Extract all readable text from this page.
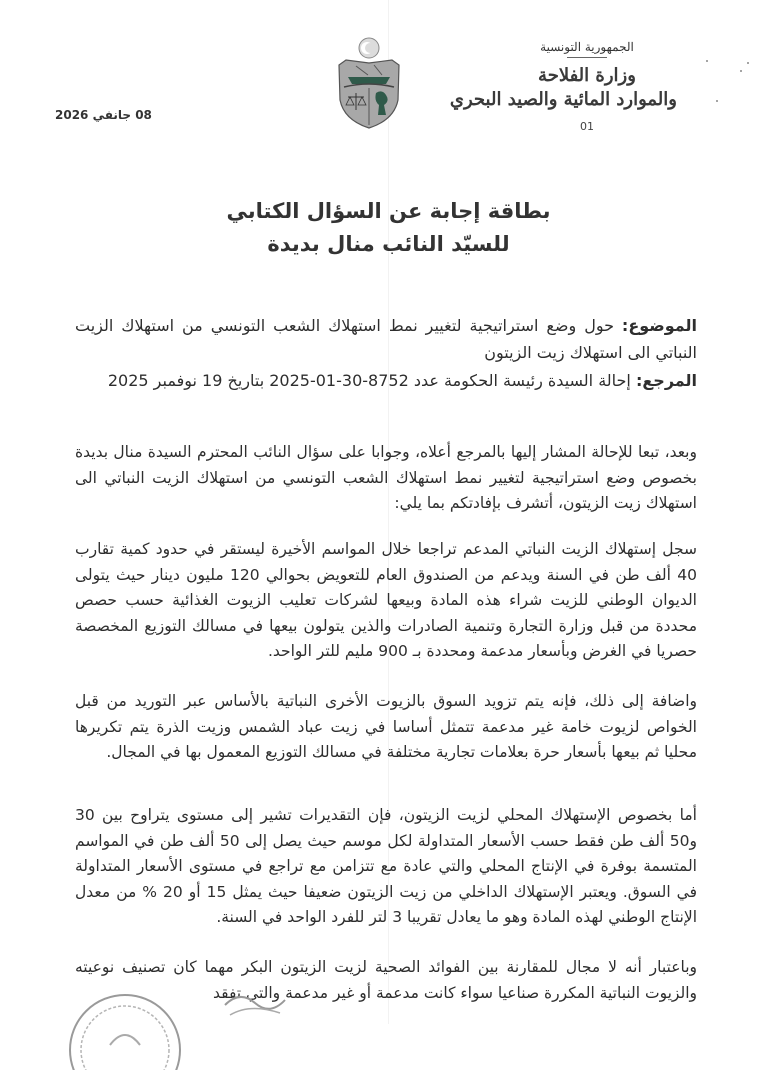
الجمهورية التونسية
وزارة الفلاحة
والموارد المائية والصيد البحري
01
08 جانفي 2026
بطاقة إجابة عن السؤال الكتابي
للسيّد النائب منال بديدة
الموضوع: حول وضع استراتيجية لتغيير نمط استهلاك الشعب التونسي من استهلاك الزيت النباتي الى استهلاك زيت الزيتون
المرجع: إحالة السيدة رئيسة الحكومة عدد 8752-30-01-2025 بتاريخ 19 نوفمبر 2025
وبعد، تبعا للإحالة المشار إليها بالمرجع أعلاه، وجوابا على سؤال النائب المحترم السيدة منال بديدة بخصوص وضع استراتيجية لتغيير نمط استهلاك الشعب التونسي من استهلاك الزيت النباتي الى استهلاك زيت الزيتون، أتشرف بإفادتكم بما يلي:
سجل إستهلاك الزيت النباتي المدعم تراجعا خلال المواسم الأخيرة ليستقر في حدود كمية تقارب 40 ألف طن في السنة ويدعم من الصندوق العام للتعويض بحوالي 120 مليون دينار حيث يتولى الديوان الوطني للزيت شراء هذه المادة وبيعها لشركات تعليب الزيوت الغذائية حسب حصص محددة من قبل وزارة التجارة وتنمية الصادرات والذين يتولون بيعها في مسالك التوزيع المخصصة حصريا في الغرض وبأسعار مدعمة ومحددة بـ 900 مليم للتر الواحد.
واضافة إلى ذلك، فإنه يتم تزويد السوق بالزيوت الأخرى النباتية بالأساس عبر التوريد من قبل الخواص لزيوت خامة غير مدعمة تتمثل أساسا في زيت عباد الشمس وزيت الذرة يتم تكريرها محليا ثم بيعها بأسعار حرة بعلامات تجارية مختلفة في مسالك التوزيع المعمول بها في المجال.
أما بخصوص الإستهلاك المحلي لزيت الزيتون، فإن التقديرات تشير إلى مستوى يتراوح بين 30 و50 ألف طن فقط حسب الأسعار المتداولة لكل موسم حيث يصل إلى 50 ألف طن في المواسم المتسمة بوفرة في الإنتاج المحلي والتي عادة مع تتزامن مع تراجع في مستوى الأسعار المتداولة في السوق. ويعتبر الإستهلاك الداخلي من زيت الزيتون ضعيفا حيث يمثل 15 أو 20 % من معدل الإنتاج الوطني لهذه المادة وهو ما يعادل تقريبا 3 لتر للفرد الواحد في السنة.
وباعتبار أنه لا مجال للمقارنة بين الفوائد الصحية لزيت الزيتون البكر مهما كان تصنيف نوعيته والزيوت النباتية المكررة صناعيا سواء كانت مدعمة أو غير مدعمة والتي تفقد
